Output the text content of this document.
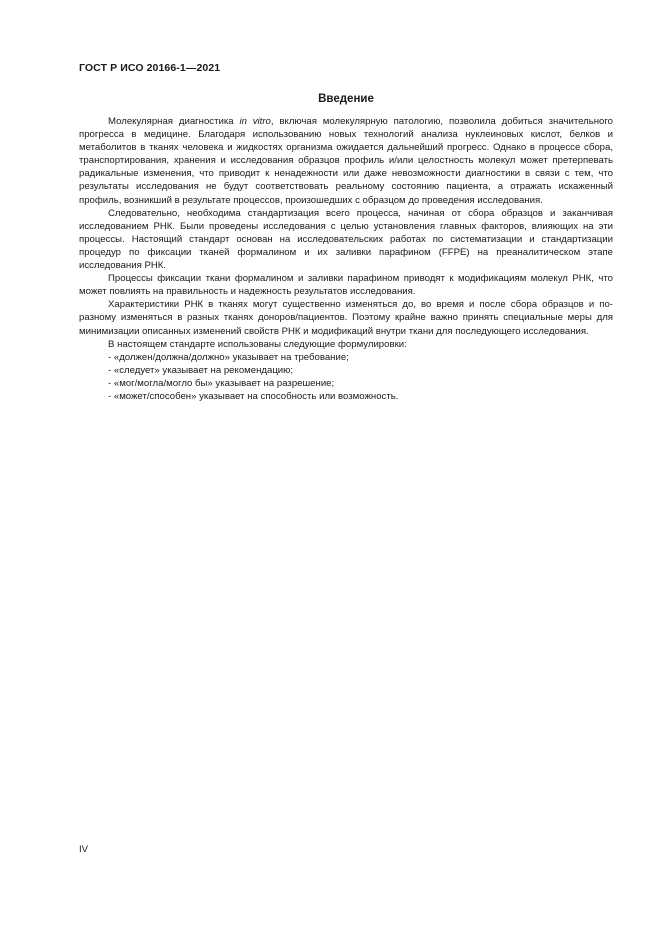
ГОСТ Р ИСО 20166-1—2021
Введение

Молекулярная диагностика in vitro, включая молекулярную патологию, позволила добиться значительного прогресса в медицине. Благодаря использованию новых технологий анализа нуклеиновых кислот, белков и метаболитов в тканях человека и жидкостях организма ожидается дальнейший прогресс. Однако в процессе сбора, транспортирования, хранения и исследования образцов профиль и/или целостность молекул может претерпевать радикальные изменения, что приводит к ненадежности или даже невозможности диагностики в связи с тем, что результаты исследования не будут соответствовать реальному состоянию пациента, а отражать искаженный профиль, возникший в результате процессов, произошедших с образцом до проведения исследования.

Следовательно, необходима стандартизация всего процесса, начиная от сбора образцов и заканчивая исследованием РНК. Были проведены исследования с целью установления главных факторов, влияющих на эти процессы. Настоящий стандарт основан на исследовательских работах по систематизации и стандартизации процедур по фиксации тканей формалином и их заливки парафином (FFPE) на преаналитическом этапе исследования РНК.

Процессы фиксации ткани формалином и заливки парафином приводят к модификациям молекул РНК, что может повлиять на правильность и надежность результатов исследования.

Характеристики РНК в тканях могут существенно изменяться до, во время и после сбора образцов и по-разному изменяться в разных тканях доноров/пациентов. Поэтому крайне важно принять специальные меры для минимизации описанных изменений свойств РНК и модификаций внутри ткани для последующего исследования.

В настоящем стандарте использованы следующие формулировки:

- «должен/должна/должно» указывает на требование;
- «следует» указывает на рекомендацию;
- «мог/могла/могло бы» указывает на разрешение;
- «может/способен» указывает на способность или возможность.
IV
